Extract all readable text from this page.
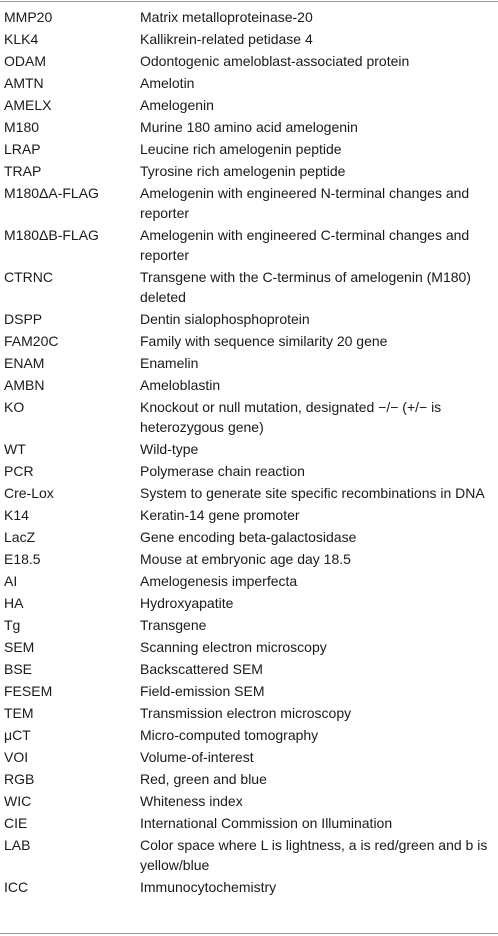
MMP20	Matrix metalloproteinase-20
KLK4	Kallikrein-related petidase 4
ODAM	Odontogenic ameloblast-associated protein
AMTN	Amelotin
AMELX	Amelogenin
M180	Murine 180 amino acid amelogenin
LRAP	Leucine rich amelogenin peptide
TRAP	Tyrosine rich amelogenin peptide
M180ΔA-FLAG	Amelogenin with engineered N-terminal changes and reporter
M180ΔB-FLAG	Amelogenin with engineered C-terminal changes and reporter
CTRNC	Transgene with the C-terminus of amelogenin (M180) deleted
DSPP	Dentin sialophosphoprotein
FAM20C	Family with sequence similarity 20 gene
ENAM	Enamelin
AMBN	Ameloblastin
KO	Knockout or null mutation, designated −/− (+/− is heterozygous gene)
WT	Wild-type
PCR	Polymerase chain reaction
Cre-Lox	System to generate site specific recombinations in DNA
K14	Keratin-14 gene promoter
LacZ	Gene encoding beta-galactosidase
E18.5	Mouse at embryonic age day 18.5
AI	Amelogenesis imperfecta
HA	Hydroxyapatite
Tg	Transgene
SEM	Scanning electron microscopy
BSE	Backscattered SEM
FESEM	Field-emission SEM
TEM	Transmission electron microscopy
μCT	Micro-computed tomography
VOI	Volume-of-interest
RGB	Red, green and blue
WIC	Whiteness index
CIE	International Commission on Illumination
LAB	Color space where L is lightness, a is red/green and b is yellow/blue
ICC	Immunocytochemistry
